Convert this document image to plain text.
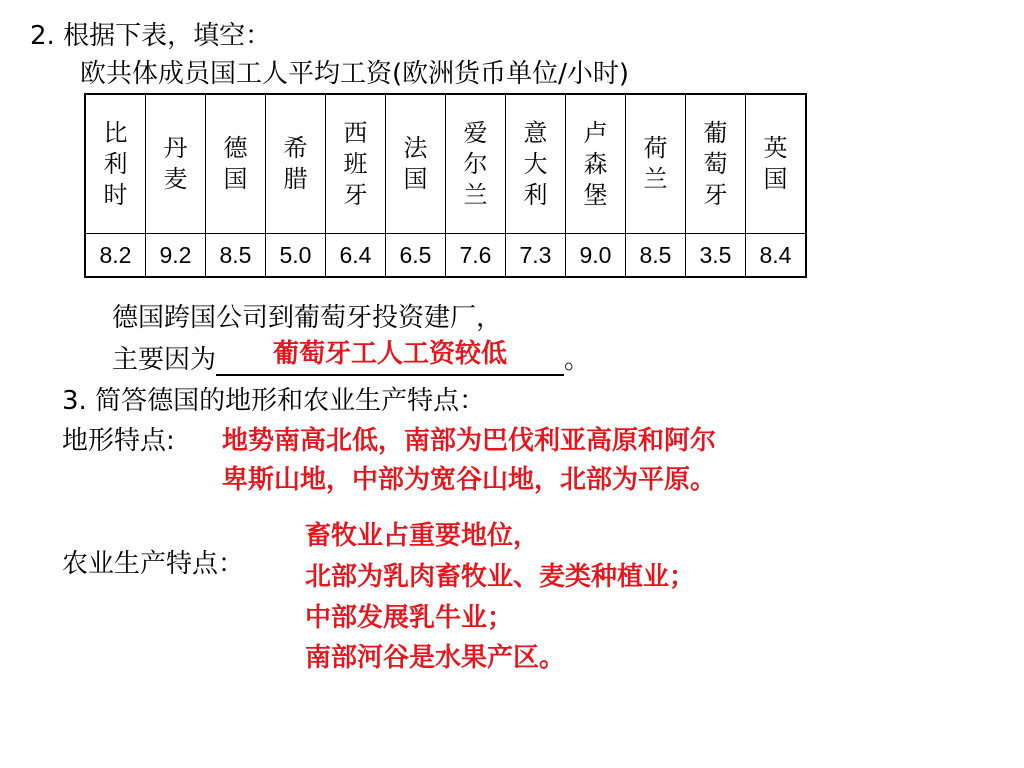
2. 根据下表，填空：
欧共体成员国工人平均工资(欧洲货币单位/小时)
比利时	丹麦	德国	希腊	西班牙	法国	爱尔兰	意大利	卢森堡	荷兰	葡萄牙	英国
8.2	9.2	8.5	5.0	6.4	6.5	7.6	7.3	9.0	8.5	3.5	8.4
德国跨国公司到葡萄牙投资建厂，
主要因为 葡萄牙工人工资较低 。
3. 简答德国的地形和农业生产特点：
地形特点: 地势南高北低，南部为巴伐利亚高原和阿尔
卑斯山地，中部为宽谷山地，北部为平原。
农业生产特点：
畜牧业占重要地位，
北部为乳肉畜牧业、麦类种植业；
中部发展乳牛业；
南部河谷是水果产区。
